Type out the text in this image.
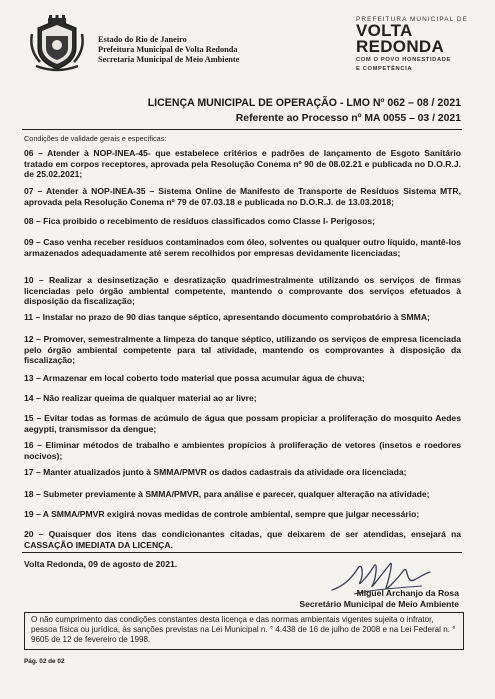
Estado do Rio de Janeiro
Prefeitura Municipal de Volta Redonda
Secretaria Municipal de Meio Ambiente
PREFEITURA MUNICIPAL DE
VOLTA
REDONDA
COM O POVO HONESTIDADE
E COMPETÊNCIA
LICENÇA MUNICIPAL DE OPERAÇÃO - LMO Nº 062 – 08 / 2021
Referente ao Processo nº MA 0055 – 03 / 2021
Condições de validade gerais e específicas:
06 – Atender à NOP-INEA-45- que estabelece critérios e padrões de lançamento de Esgoto Sanitário tratado em corpos receptores, aprovada pela Resolução Conema nº 90 de 08.02.21 e publicada no D.O.R.J. de 25.02.2021;
07 – Atender à NOP-INEA-35 – Sistema Online de Manifesto de Transporte de Resíduos Sistema MTR, aprovada pela Resolução Conema nº 79 de 07.03.18 e publicada no D.O.R.J. de 13.03.2018;
08 – Fica proibido o recebimento de resíduos classificados como Classe I- Perigosos;
09 – Caso venha receber resíduos contaminados com óleo, solventes ou qualquer outro líquido, mantê-los armazenados adequadamente até serem recolhidos por empresas devidamente licenciadas;
10 – Realizar a desinsetização e desratização quadrimestralmente utilizando os serviços de firmas licenciadas pelo órgão ambiental competente, mantendo o comprovante dos serviços efetuados à disposição da fiscalização;
11 – Instalar no prazo de 90 dias tanque séptico, apresentando documento comprobatório à SMMA;
12 – Promover, semestralmente a limpeza do tanque séptico, utilizando os serviços de empresa licenciada pelo órgão ambiental competente para tal atividade, mantendo os comprovantes à disposição da fiscalização;
13 – Armazenar em local coberto todo material que possa acumular água de chuva;
14 – Não realizar queima de qualquer material ao ar livre;
15 – Evitar todas as formas de acúmulo de água que possam propiciar a proliferação do mosquito Aedes aegypti, transmissor da dengue;
16 – Eliminar métodos de trabalho e ambientes propícios à proliferação de vetores (insetos e roedores nocivos);
17 – Manter atualizados junto à SMMA/PMVR os dados cadastrais da atividade ora licenciada;
18 – Submeter previamente à SMMA/PMVR, para análise e parecer, qualquer alteração na atividade;
19 – A SMMA/PMVR exigirá novas medidas de controle ambiental, sempre que julgar necessário;
20 – Quaisquer dos itens das condicionantes citadas, que deixarem de ser atendidas, ensejará na CASSAÇÃO IMEDIATA DA LICENÇA.
Volta Redonda, 09 de agosto de 2021.
Miguel Archanjo da Rosa
Secretário Municipal de Meio Ambiente
O não cumprimento das condições constantes desta licença e das normas ambientais vigentes sujeita o infrator, pessoa física ou jurídica, às sanções previstas na Lei Municipal n. ° 4.438 de 16 de julho de 2008 e na Lei Federal n. ° 9605 de 12 de fevereiro de 1998.
Pág. 02 de 02
